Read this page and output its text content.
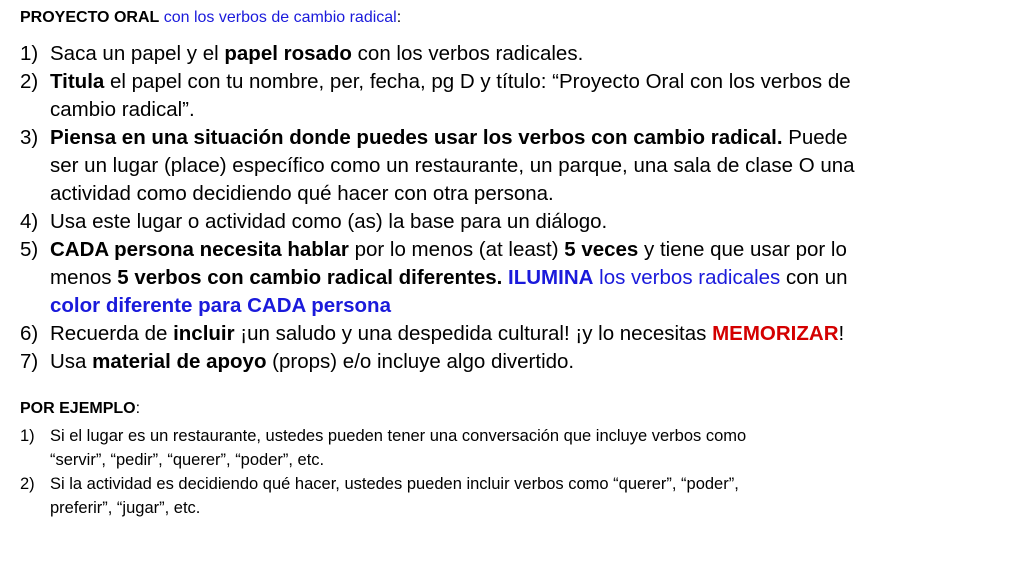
PROYECTO ORAL con los verbos de cambio radical:
1) Saca un papel y el papel rosado con los verbos radicales.
2) Titula el papel con tu nombre, per, fecha, pg D y título: “Proyecto Oral con los verbos de
cambio radical”.
3) Piensa en una situación donde puedes usar los verbos con cambio radical. Puede
ser un lugar (place) específico como un restaurante, un parque, una sala de clase O una
actividad como decidiendo qué hacer con otra persona.
4) Usa este lugar o actividad como (as) la base para un diálogo.
5) CADA persona necesita hablar por lo menos (at least) 5 veces y tiene que usar por lo
menos 5 verbos con cambio radical diferentes. ILUMINA los verbos radicales con un
color diferente para CADA persona
6) Recuerda de incluir ¡un saludo y una despedida cultural! ¡y lo necesitas MEMORIZAR!
7) Usa material de apoyo (props) e/o incluye algo divertido.
POR EJEMPLO:
1) Si el lugar es un restaurante, ustedes pueden tener una conversación que incluye verbos como
“servir”, “pedir”, “querer”, “poder”, etc.
2) Si la actividad es decidiendo qué hacer, ustedes pueden incluir verbos como “querer”, “poder”,
preferir”, “jugar”, etc.
